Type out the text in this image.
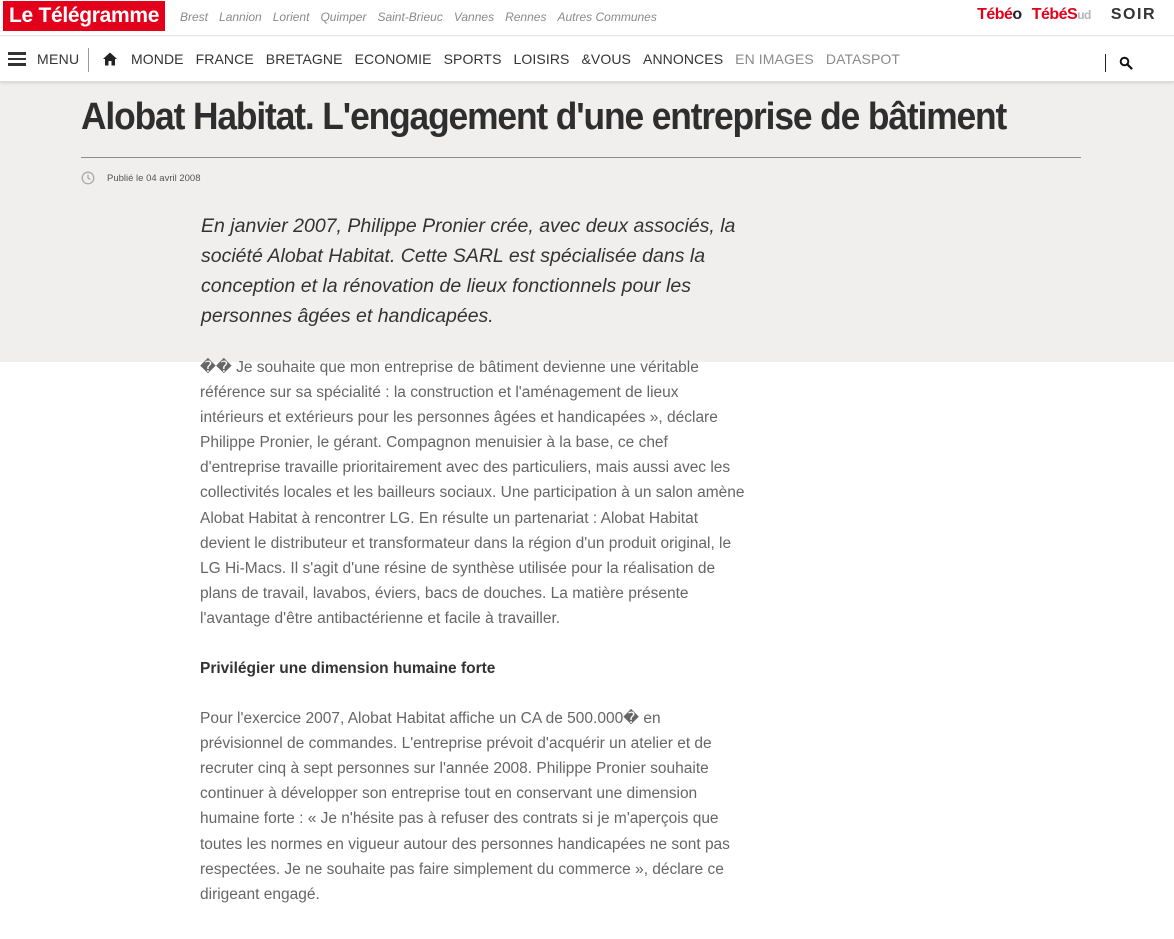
Le Télégramme	Brest Lannion Lorient Quimper Saint-Brieuc Vannes Rennes Autres Communes	Tébéo TébéSud SOIR
MENU	MONDE FRANCE BRETAGNE ECONOMIE SPORTS LOISIRS &VOUS ANNONCES EN IMAGES DATASPOT
Alobat Habitat. L'engagement d'une entreprise de bâtiment
Publié le 04 avril 2008

En janvier 2007, Philippe Pronier crée, avec deux associés, la société Alobat Habitat. Cette SARL est spécialisée dans la conception et la rénovation de lieux fonctionnels pour les personnes âgées et handicapées.

�� Je souhaite que mon entreprise de bâtiment devienne une véritable référence sur sa spécialité : la construction et l'aménagement de lieux intérieurs et extérieurs pour les personnes âgées et handicapées », déclare Philippe Pronier, le gérant. Compagnon menuisier à la base, ce chef d'entreprise travaille prioritairement avec des particuliers, mais aussi avec les collectivités locales et les bailleurs sociaux. Une participation à un salon amène Alobat Habitat à rencontrer LG. En résulte un partenariat : Alobat Habitat devient le distributeur et transformateur dans la région d'un produit original, le LG Hi-Macs. Il s'agit d'une résine de synthèse utilisée pour la réalisation de plans de travail, lavabos, éviers, bacs de douches. La matière présente l'avantage d'être antibactérienne et facile à travailler.

Privilégier une dimension humaine forte

Pour l'exercice 2007, Alobat Habitat affiche un CA de 500.000� en prévisionnel de commandes. L'entreprise prévoit d'acquérir un atelier et de recruter cinq à sept personnes sur l'année 2008. Philippe Pronier souhaite continuer à développer son entreprise tout en conservant une dimension humaine forte : « Je n'hésite pas à refuser des contrats si je m'aperçois que toutes les normes en vigueur autour des personnes handicapées ne sont pas respectées. Je ne souhaite pas faire simplement du commerce », déclare ce dirigeant engagé.
